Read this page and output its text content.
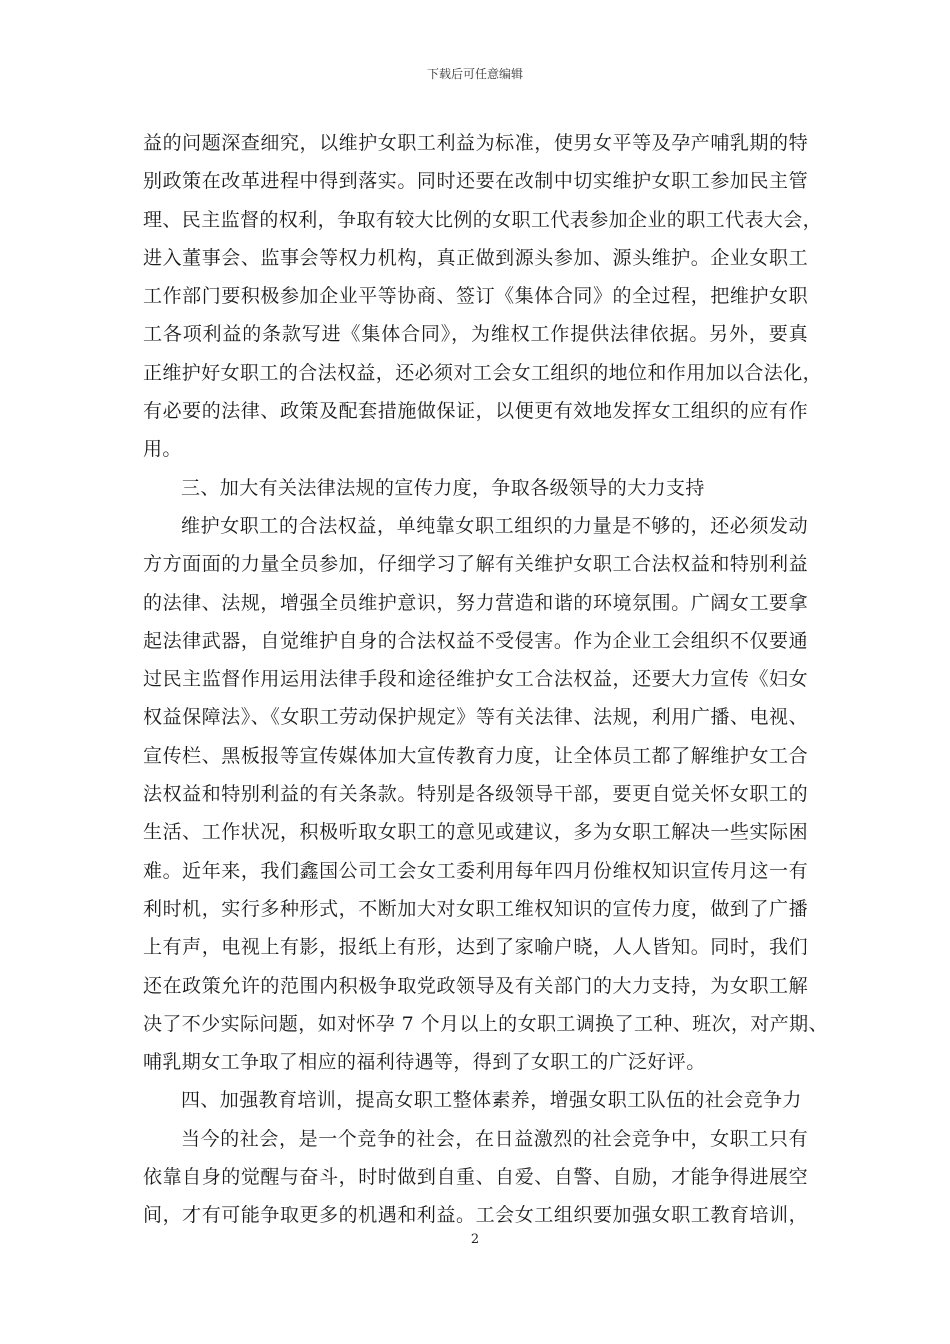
下载后可任意编辑
益的问题深查细究，以维护女职工利益为标准，使男女平等及孕产哺乳期的特
别政策在改革进程中得到落实。同时还要在改制中切实维护女职工参加民主管
理、民主监督的权利，争取有较大比例的女职工代表参加企业的职工代表大会，
进入董事会、监事会等权力机构，真正做到源头参加、源头维护。企业女职工
工作部门要积极参加企业平等协商、签订《集体合同》的全过程，把维护女职
工各项利益的条款写进《集体合同》，为维权工作提供法律依据。另外，要真
正维护好女职工的合法权益，还必须对工会女工组织的地位和作用加以合法化，
有必要的法律、政策及配套措施做保证，以便更有效地发挥女工组织的应有作
用。
三、加大有关法律法规的宣传力度，争取各级领导的大力支持
维护女职工的合法权益，单纯靠女职工组织的力量是不够的，还必须发动
方方面面的力量全员参加，仔细学习了解有关维护女职工合法权益和特别利益
的法律、法规，增强全员维护意识，努力营造和谐的环境氛围。广阔女工要拿
起法律武器，自觉维护自身的合法权益不受侵害。作为企业工会组织不仅要通
过民主监督作用运用法律手段和途径维护女工合法权益，还要大力宣传《妇女
权益保障法》、《女职工劳动保护规定》等有关法律、法规，利用广播、电视、
宣传栏、黑板报等宣传媒体加大宣传教育力度，让全体员工都了解维护女工合
法权益和特别利益的有关条款。特别是各级领导干部，要更自觉关怀女职工的
生活、工作状况，积极听取女职工的意见或建议，多为女职工解决一些实际困
难。近年来，我们鑫国公司工会女工委利用每年四月份维权知识宣传月这一有
利时机，实行多种形式，不断加大对女职工维权知识的宣传力度，做到了广播
上有声，电视上有影，报纸上有形，达到了家喻户晓，人人皆知。同时，我们
还在政策允许的范围内积极争取党政领导及有关部门的大力支持，为女职工解
决了不少实际问题，如对怀孕 7 个月以上的女职工调换了工种、班次，对产期、
哺乳期女工争取了相应的福利待遇等，得到了女职工的广泛好评。
四、加强教育培训，提高女职工整体素养，增强女职工队伍的社会竞争力
当今的社会，是一个竞争的社会，在日益激烈的社会竞争中，女职工只有
依靠自身的觉醒与奋斗，时时做到自重、自爱、自警、自励，才能争得进展空
间，才有可能争取更多的机遇和利益。工会女工组织要加强女职工教育培训，
2
